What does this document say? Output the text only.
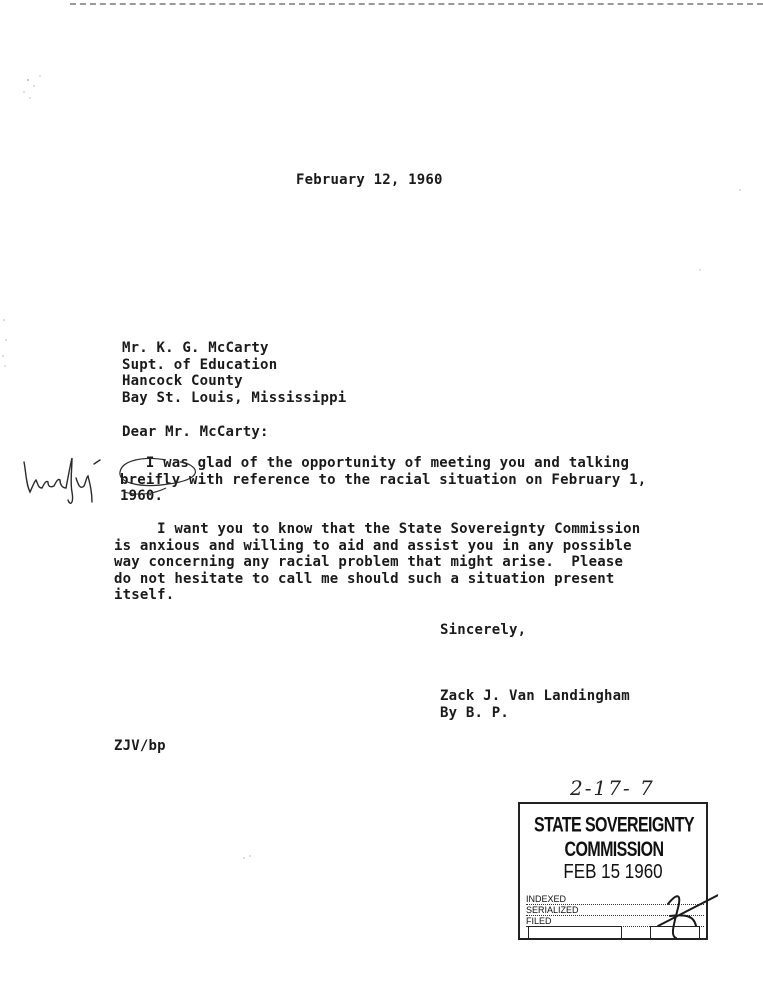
February 12, 1960
Mr. K. G. McCarty
Supt. of Education
Hancock County
Bay St. Louis, Mississippi
Dear Mr. McCarty:
I was glad of the opportunity of meeting you and talking
breifly with reference to the racial situation on February 1,
1960.
I want you to know that the State Sovereignty Commission
is anxious and willing to aid and assist you in any possible
way concerning any racial problem that might arise.  Please
do not hesitate to call me should such a situation present
itself.
Sincerely,
Zack J. Van Landingham
By B. P.
ZJV/bp
2-17- 7
STATE SOVEREIGNTY COMMISSION
FEB 15 1960
INDEXED
SERIALIZED
FILED
